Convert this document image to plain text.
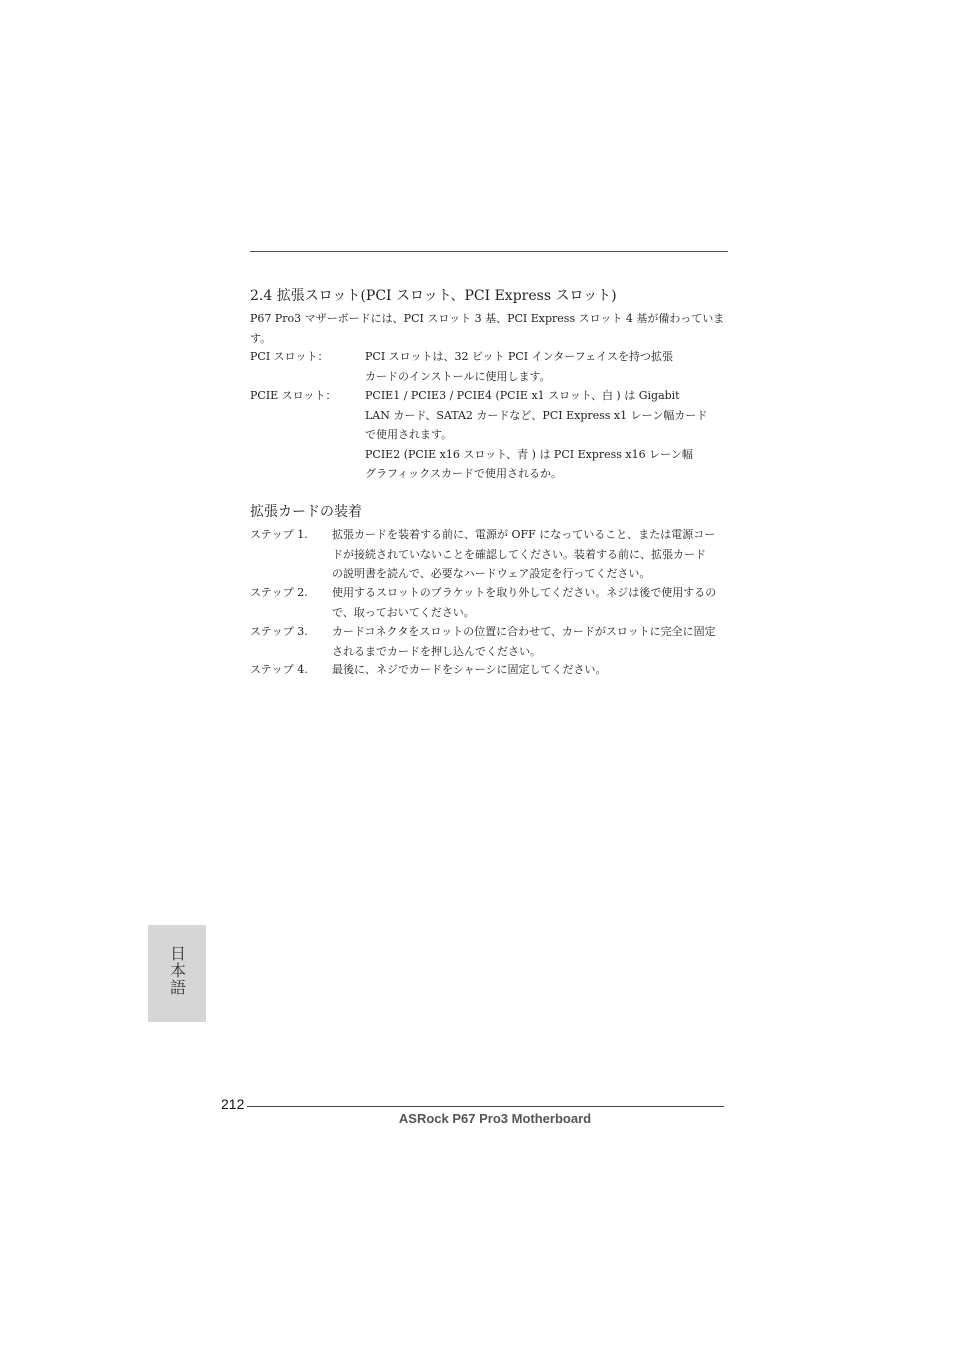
2.4 拡張スロット(PCI スロット、PCI Express スロット)
P67 Pro3 マザーボードには、PCI スロット 3 基、PCI Express スロット 4 基が備わっています。
PCI スロット：	PCI スロットは、32 ビット PCI インターフェイスを持つ拡張
カードのインストールに使用します。
PCIE スロット：	PCIE1 / PCIE3 / PCIE4 (PCIE x1 スロット、白 ) は Gigabit
LAN カード、SATA2 カードなど、PCI Express x1 レーン幅カード
で使用されます。
PCIE2 (PCIE x16 スロット、青 ) は PCI Express x16 レーン幅
グラフィックスカードで使用されるか。
拡張カードの装着
ステップ 1. 拡張カードを装着する前に、電源が OFF になっていること、または電源コー
ドが接続されていないことを確認してください。装着する前に、拡張カード
の説明書を読んで、必要なハードウェア設定を行ってください。
ステップ 2. 使用するスロットのブラケットを取り外してください。ネジは後で使用するの
で、取っておいてください。
ステップ 3. カードコネクタをスロットの位置に合わせて、カードがスロットに完全に固定
されるまでカードを押し込んでください。
ステップ 4. 最後に、ネジでカードをシャーシに固定してください。
日本語
212
ASRock P67 Pro3 Motherboard
